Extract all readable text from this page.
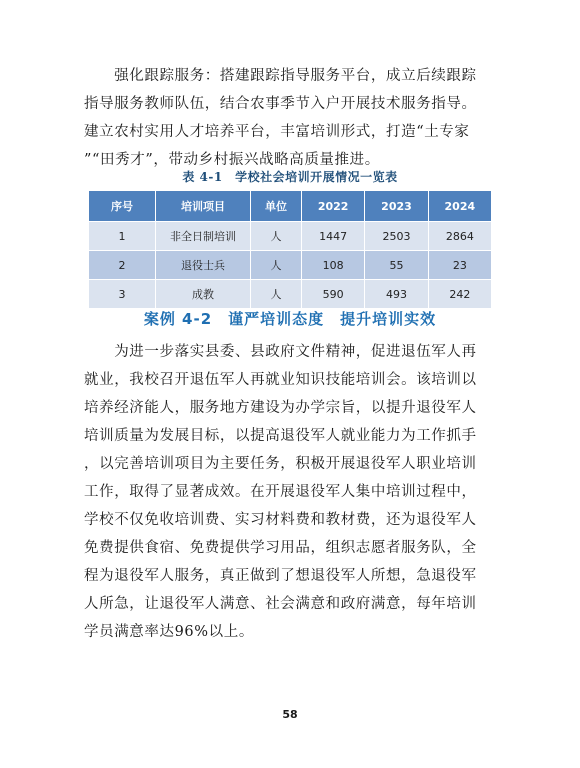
　　强化跟踪服务：搭建跟踪指导服务平台，成立后续跟踪
指导服务教师队伍，结合农事季节入户开展技术服务指导。
建立农村实用人才培养平台，丰富培训形式，打造“土专家
”“田秀才”，带动乡村振兴战略高质量推进。

表 4-1　学校社会培训开展情况一览表
序号	培训项目	单位	2022	2023	2024
1	非全日制培训	人	1447	2503	2864
2	退役士兵	人	108	55	23
3	成教	人	590	493	242
案例 4-2　谨严培训态度　提升培训实效

　　为进一步落实县委、县政府文件精神，促进退伍军人再
就业，我校召开退伍军人再就业知识技能培训会。该培训以
培养经济能人，服务地方建设为办学宗旨，以提升退役军人
培训质量为发展目标，以提高退役军人就业能力为工作抓手
，以完善培训项目为主要任务，积极开展退役军人职业培训
工作，取得了显著成效。在开展退役军人集中培训过程中，
学校不仅免收培训费、实习材料费和教材费，还为退役军人
免费提供食宿、免费提供学习用品，组织志愿者服务队，全
程为退役军人服务，真正做到了想退役军人所想，急退役军
人所急，让退役军人满意、社会满意和政府满意，每年培训
学员满意率达96%以上。

58
